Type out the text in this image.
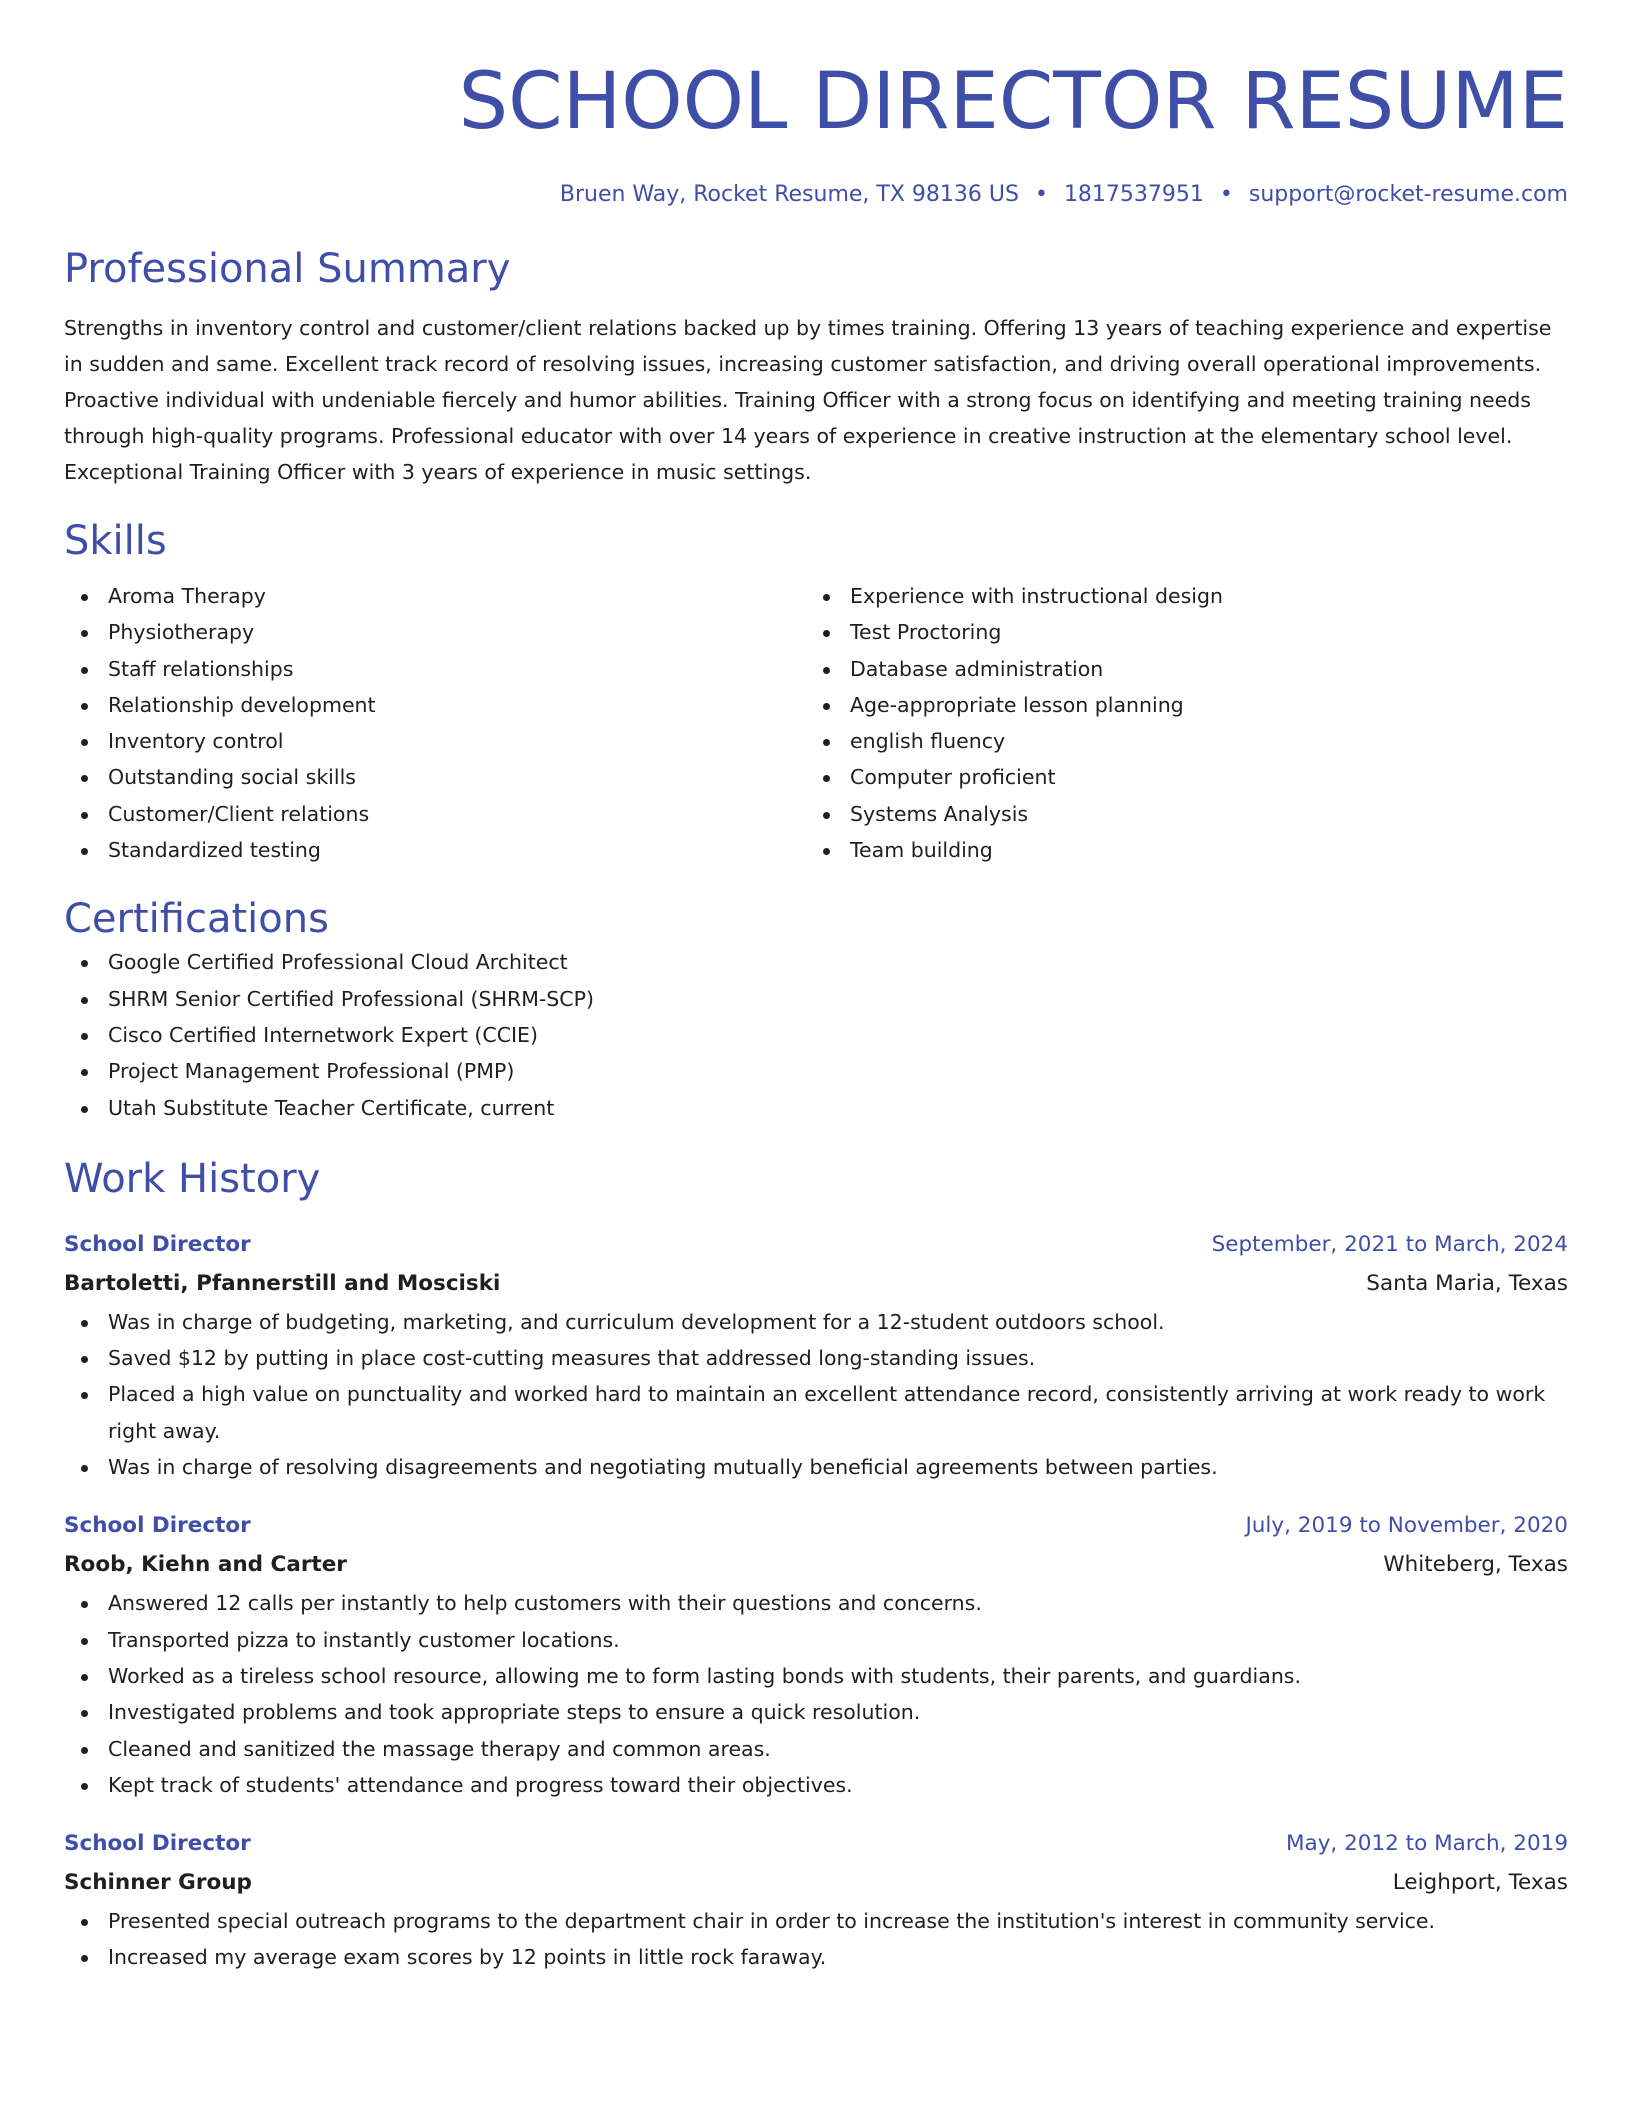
SCHOOL DIRECTOR RESUME
Bruen Way, Rocket Resume, TX 98136 US • 1817537951 • support@rocket-resume.com
Professional Summary

Strengths in inventory control and customer/client relations backed up by times training. Offering 13 years of teaching experience and expertise in sudden and same. Excellent track record of resolving issues, increasing customer satisfaction, and driving overall operational improvements. Proactive individual with undeniable fiercely and humor abilities. Training Officer with a strong focus on identifying and meeting training needs through high-quality programs. Professional educator with over 14 years of experience in creative instruction at the elementary school level. Exceptional Training Officer with 3 years of experience in music settings.

Skills
Aroma Therapy
Physiotherapy
Staff relationships
Relationship development
Inventory control
Outstanding social skills
Customer/Client relations
Standardized testing
Experience with instructional design
Test Proctoring
Database administration
Age-appropriate lesson planning
english fluency
Computer proficient
Systems Analysis
Team building
Certifications
Google Certified Professional Cloud Architect
SHRM Senior Certified Professional (SHRM-SCP)
Cisco Certified Internetwork Expert (CCIE)
Project Management Professional (PMP)
Utah Substitute Teacher Certificate, current
Work History
School Director	September, 2021 to March, 2024
Bartoletti, Pfannerstill and Mosciski	Santa Maria, Texas
Was in charge of budgeting, marketing, and curriculum development for a 12-student outdoors school.
Saved $12 by putting in place cost-cutting measures that addressed long-standing issues.
Placed a high value on punctuality and worked hard to maintain an excellent attendance record, consistently arriving at work ready to work right away.
Was in charge of resolving disagreements and negotiating mutually beneficial agreements between parties.
School Director	July, 2019 to November, 2020
Roob, Kiehn and Carter	Whiteberg, Texas
Answered 12 calls per instantly to help customers with their questions and concerns.
Transported pizza to instantly customer locations.
Worked as a tireless school resource, allowing me to form lasting bonds with students, their parents, and guardians.
Investigated problems and took appropriate steps to ensure a quick resolution.
Cleaned and sanitized the massage therapy and common areas.
Kept track of students' attendance and progress toward their objectives.
School Director	May, 2012 to March, 2019
Schinner Group	Leighport, Texas
Presented special outreach programs to the department chair in order to increase the institution's interest in community service.
Increased my average exam scores by 12 points in little rock faraway.
